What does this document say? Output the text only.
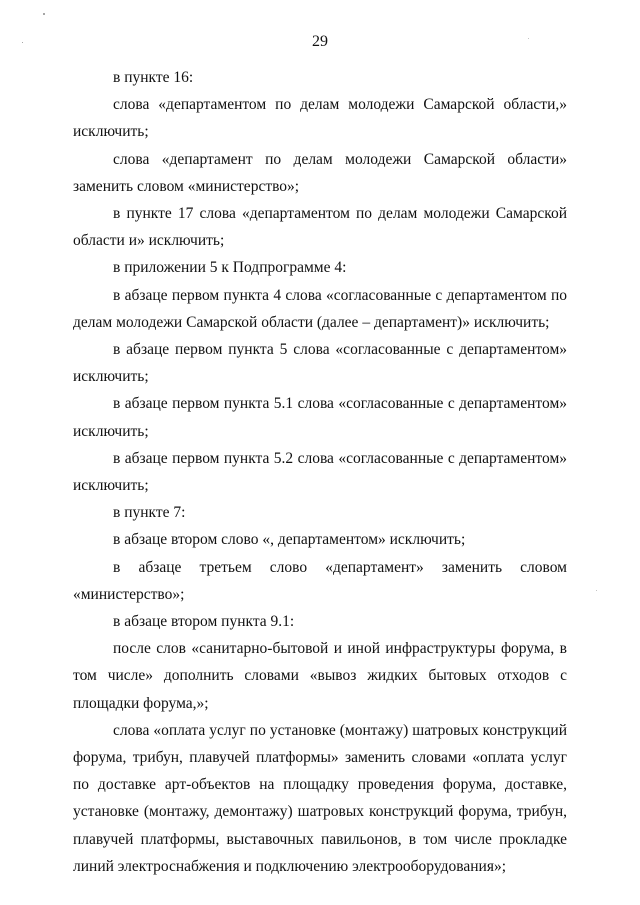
29

в пункте 16:

слова «департаментом по делам молодежи Самарской области,» исключить;

слова «департамент по делам молодежи Самарской области» заменить словом «министерство»;

в пункте 17 слова «департаментом по делам молодежи Самарской области и» исключить;

в приложении 5 к Подпрограмме 4:

в абзаце первом пункта 4 слова «согласованные с департаментом по делам молодежи Самарской области (далее – департамент)» исключить;

в абзаце первом пункта 5 слова «согласованные с департаментом» исключить;

в абзаце первом пункта 5.1 слова «согласованные с департаментом» исключить;

в абзаце первом пункта 5.2 слова «согласованные с департаментом» исключить;

в пункте 7:

в абзаце втором слово «, департаментом» исключить;

в абзаце третьем слово «департамент» заменить словом «министерство»;

в абзаце втором пункта 9.1:

после слов «санитарно-бытовой и иной инфраструктуры форума, в том числе» дополнить словами «вывоз жидких бытовых отходов с площадки форума,»;

слова «оплата услуг по установке (монтажу) шатровых конструкций форума, трибун, плавучей платформы» заменить словами «оплата услуг по доставке арт-объектов на площадку проведения форума, доставке, установке (монтажу, демонтажу) шатровых конструкций форума, трибун, плавучей платформы, выставочных павильонов, в том числе прокладке линий электроснабжения и подключению электрооборудования»;
